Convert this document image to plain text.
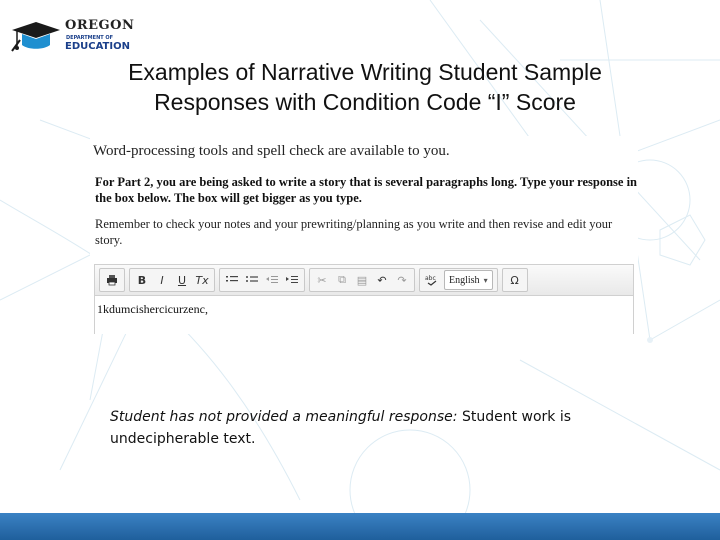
OREGON
DEPARTMENT OF
EDUCATION
Examples of Narrative Writing Student Sample
Responses with Condition Code “I” Score
Word-processing tools and spell check are available to you.
For Part 2, you are being asked to write a story that is several paragraphs long. Type your response in the box below. The box will get bigger as you type.
Remember to check your notes and your prewriting/planning as you write and then revise and edit your story.
B	I	U Tx	✂	⧉ ▤ ↶ ↷	abc English ▾	Ω
1kdumcishercicurzenc,
Student has not provided a meaningful response: Student work is undecipherable text.
